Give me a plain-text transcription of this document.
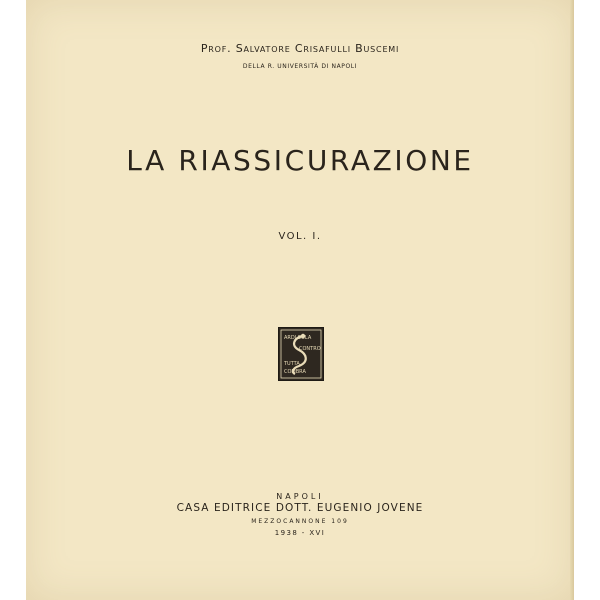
Prof. Salvatore Crisafulli Buscemi
DELLA R. UNIVERSITÀ DI NAPOLI
LA RIASSICURAZIONE
VOL. I.
ARDI SOLA
CONTRO
TUTTA
COMBRA
NAPOLI
CASA EDITRICE DOTT. EUGENIO JOVENE
MEZZOCANNONE 109
1938 - XVI
